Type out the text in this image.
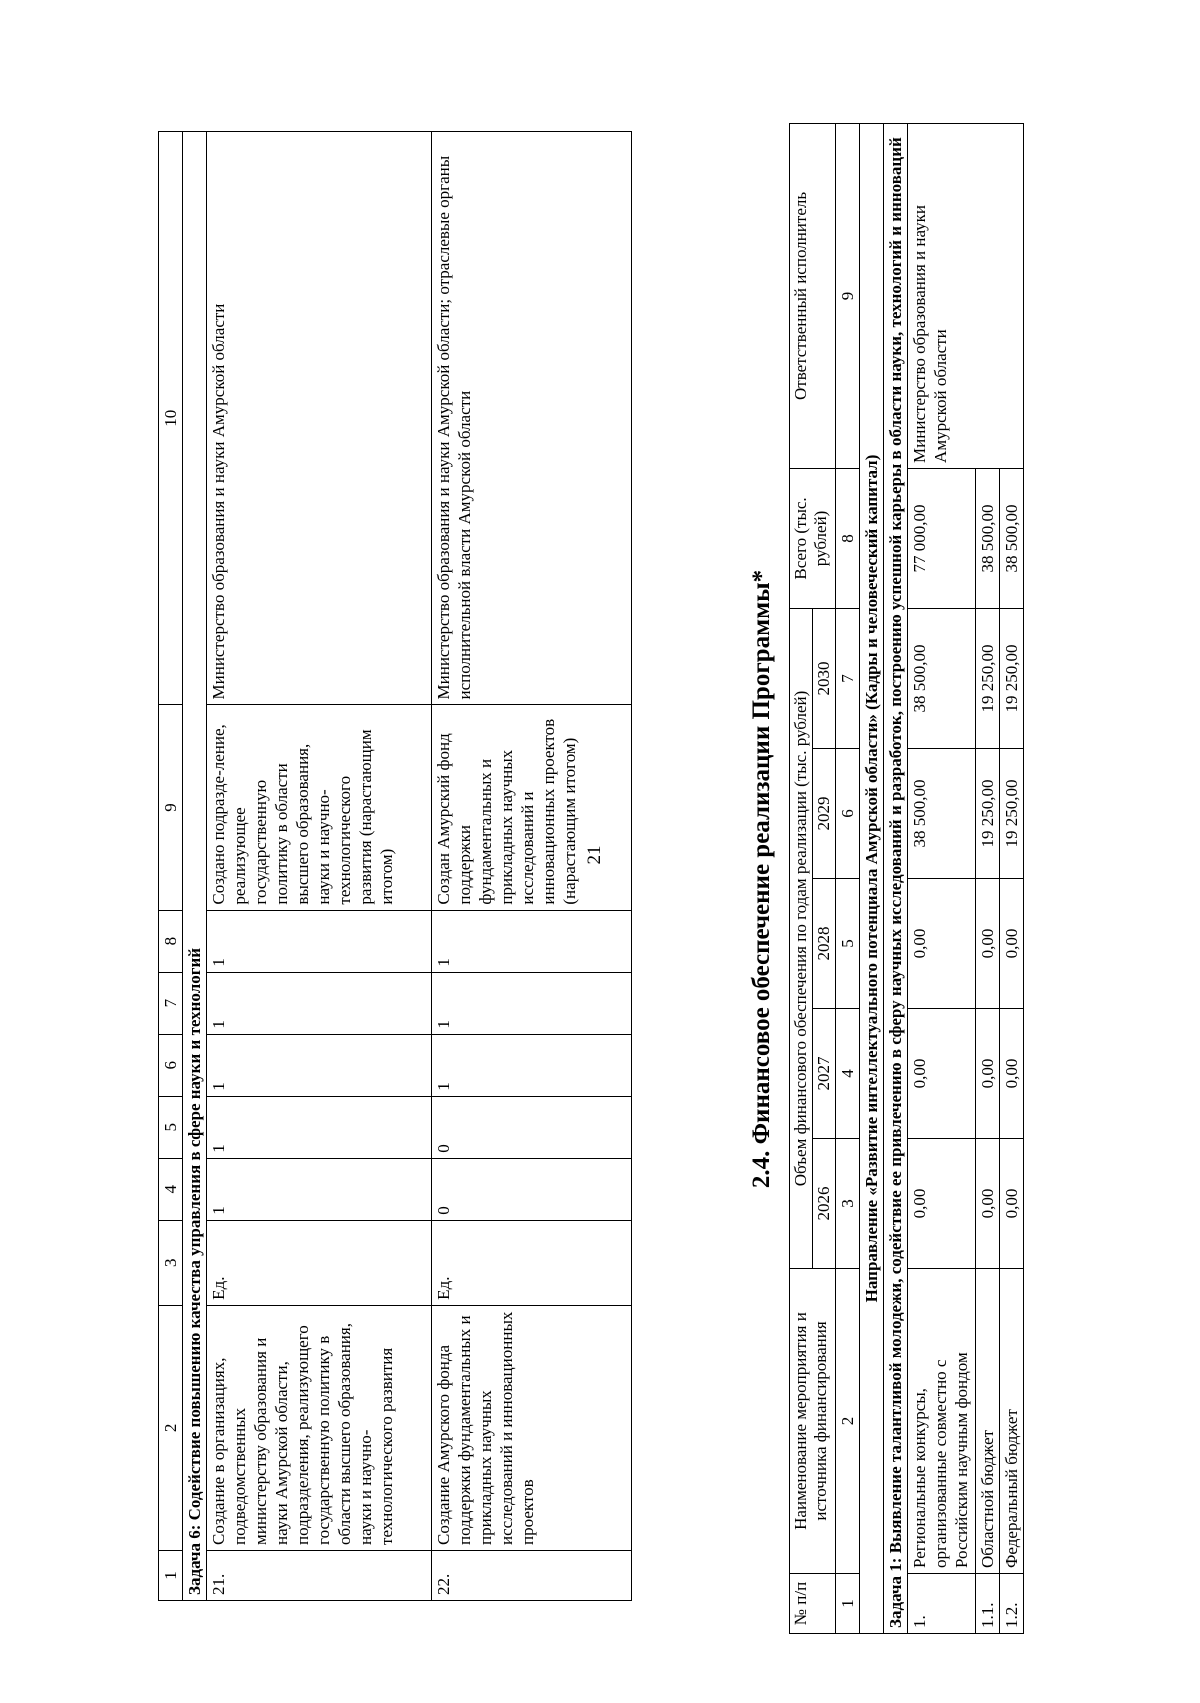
21
1	2	3	4	5	6	7	8	9	10
Задача 6: Содействие повышению качества управления в сфере науки и технологий									
21.	Создание в организациях, подведомственных министерству образования и науки Амурской области, подразделения, реализующего государственную политику в области высшего образования, науки и научно-технологического развития	Ед.	1	1	1	1	1	Создано подразде-ление, реализующее государственную политику в области высшего образования, науки и научно-технологического развития (нарастающим итогом)	Министерство образования и науки Амурской области
22.	Создание Амурского фонда поддержки фундаментальных и прикладных научных исследований и инновационных проектов	Ед.	0	0	1	1	1	Создан Амурский фонд поддержки фундаментальных и прикладных научных исследований и инновационных проектов (нарастающим итогом)	Министерство образования и науки Амурской области; отраслевые органы исполнительной власти Амурской области
2.4. Финансовое обеспечение реализации Программы*
№ п/п	Наименование мероприятия и источника финансирования	Объем финансового обеспечения по годам реализации (тыс. рублей)					Всего (тыс. рублей)	Ответственный исполнитель
		2026	2027	2028	2029	2030		
1	2	3	4	5	6	7	8	9
Направление «Развитие интеллектуального потенциала Амурской области» (Кадры и человеческий капитал)								
Задача 1: Выявление талантливой молодежи, содействие ее привлечению в сферу научных исследований и разработок, построению успешной карьеры в области науки, технологий и инноваций								
1.	Региональные конкурсы, организованные совместно с Российским научным фондом	0,00	0,00	0,00	38 500,00	38 500,00	77 000,00	Министерство образования и науки Амурской области
1.1.	Областной бюджет	0,00	0,00	0,00	19 250,00	19 250,00	38 500,00	
1.2.	Федеральный бюджет	0,00	0,00	0,00	19 250,00	19 250,00	38 500,00	
